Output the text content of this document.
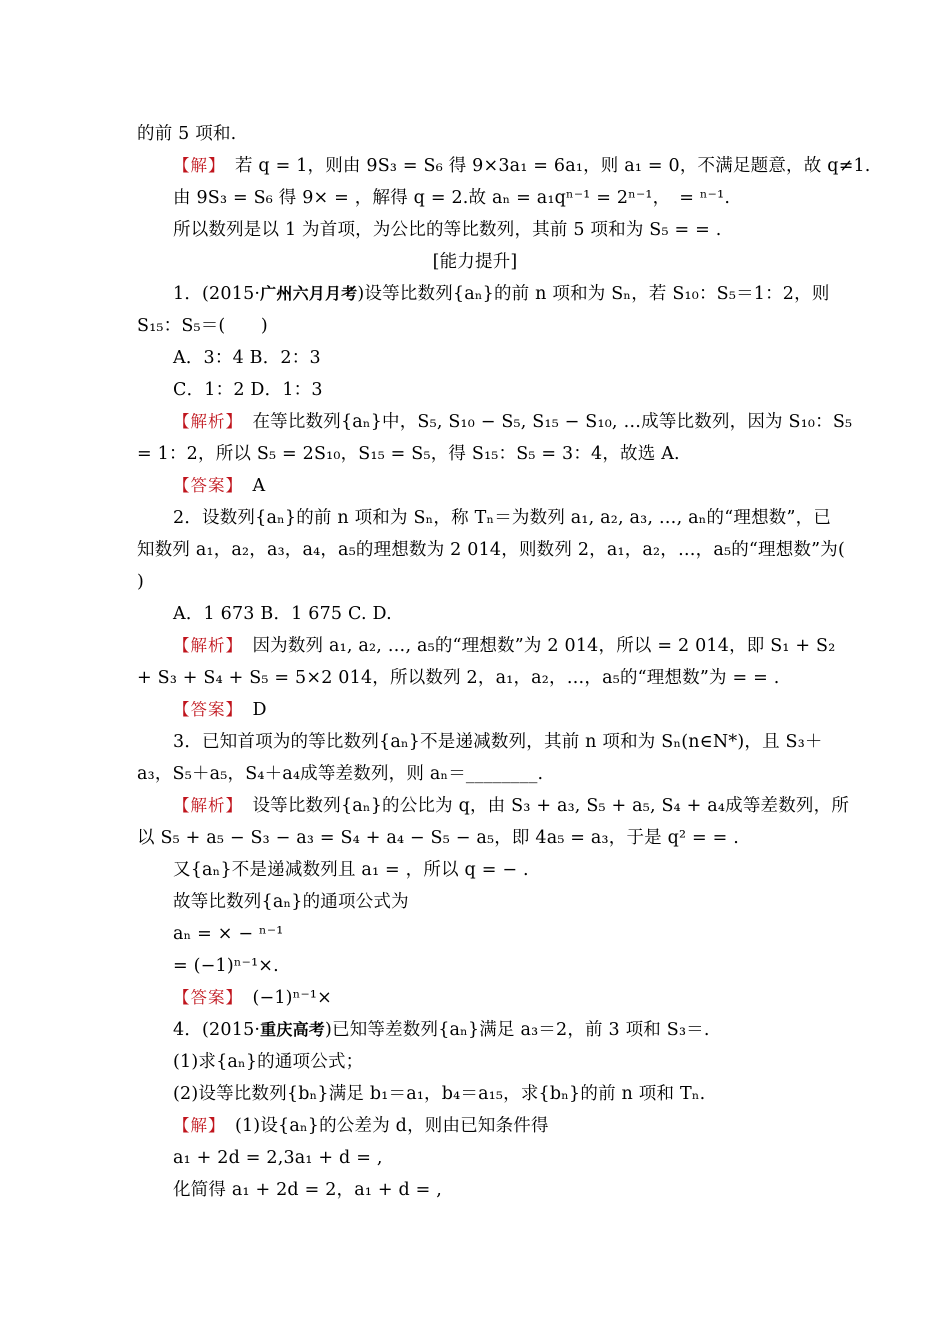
的前 5 项和.
【解】　若 q = 1，则由 9S₃ = S₆ 得 9×3a₁ = 6a₁，则 a₁ = 0，不满足题意，故 q≠1.
由 9S₃ = S₆ 得 9× = ，解得 q = 2.故 aₙ = a₁qⁿ⁻¹ = 2ⁿ⁻¹，　= ⁿ⁻¹.
所以数列是以 1 为首项，为公比的等比数列，其前 5 项和为 S₅ = = .
[能力提升]
1．(2015·广州六月月考)设等比数列{aₙ}的前 n 项和为 Sₙ，若 S₁₀：S₅＝1：2，则
S₁₅：S₅＝(　　)
A．3：4 B．2：3
C．1：2 D．1：3
【解析】　在等比数列{aₙ}中，S₅, S₁₀ − S₅, S₁₅ − S₁₀, …成等比数列，因为 S₁₀：S₅
= 1：2，所以 S₅ = 2S₁₀，S₁₅ = S₅，得 S₁₅：S₅ = 3：4，故选 A.
【答案】　A
2．设数列{aₙ}的前 n 项和为 Sₙ，称 Tₙ＝为数列 a₁, a₂, a₃, …, aₙ的“理想数”，已
知数列 a₁，a₂，a₃，a₄，a₅的理想数为 2 014，则数列 2，a₁，a₂，…，a₅的“理想数”为(
)
A．1 673 B．1 675 C. D.
【解析】　因为数列 a₁, a₂, …, a₅的“理想数”为 2 014，所以 = 2 014，即 S₁ + S₂
+ S₃ + S₄ + S₅ = 5×2 014，所以数列 2，a₁，a₂，…，a₅的“理想数”为 = = .
【答案】　D
3．已知首项为的等比数列{aₙ}不是递减数列，其前 n 项和为 Sₙ(n∈N*)，且 S₃＋
a₃，S₅＋a₅，S₄＋a₄成等差数列，则 aₙ＝________.
【解析】　设等比数列{aₙ}的公比为 q，由 S₃ + a₃, S₅ + a₅, S₄ + a₄成等差数列，所
以 S₅ + a₅ − S₃ − a₃ = S₄ + a₄ − S₅ − a₅，即 4a₅ = a₃，于是 q² = = .
又{aₙ}不是递减数列且 a₁ = ，所以 q = − .
故等比数列{aₙ}的通项公式为
aₙ = × − ⁿ⁻¹
= (−1)ⁿ⁻¹×.
【答案】　(−1)ⁿ⁻¹×
4．(2015·重庆高考)已知等差数列{aₙ}满足 a₃＝2，前 3 项和 S₃＝.
(1)求{aₙ}的通项公式；
(2)设等比数列{bₙ}满足 b₁＝a₁，b₄＝a₁₅，求{bₙ}的前 n 项和 Tₙ.
【解】　(1)设{aₙ}的公差为 d，则由已知条件得
a₁ + 2d = 2,3a₁ + d = ,
化简得 a₁ + 2d = 2，a₁ + d = ,
